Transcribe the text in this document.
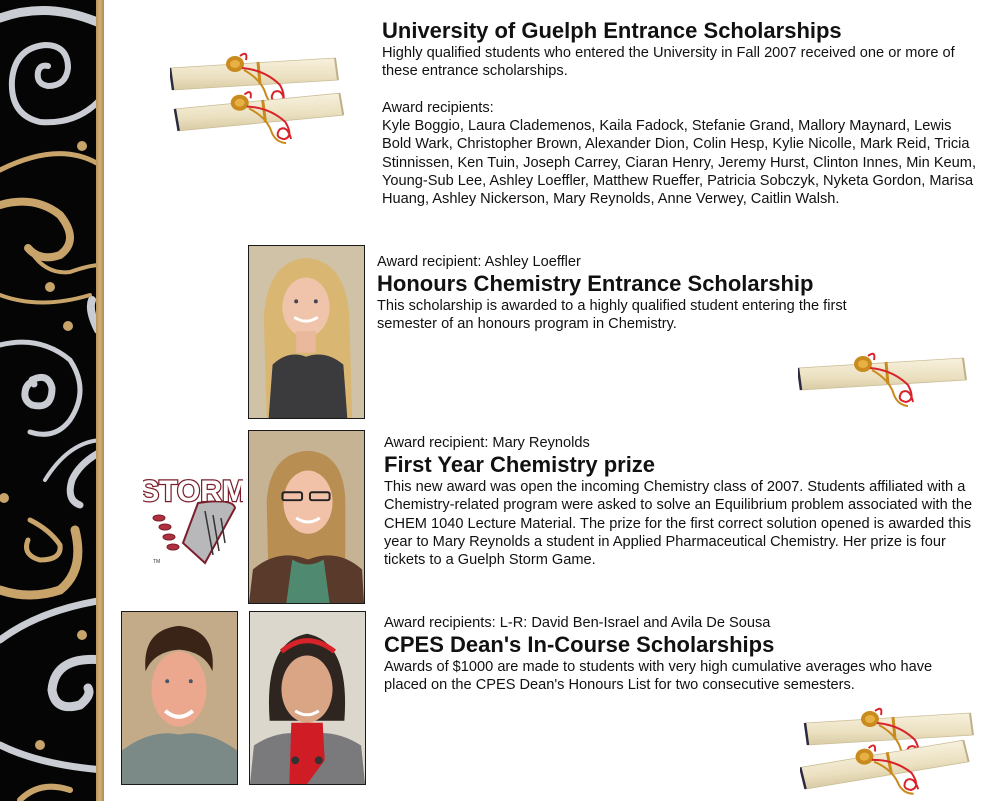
University of Guelph Entrance Scholarships

Highly qualified students who entered the University in Fall 2007 received one or more of these entrance scholarships.

Award recipients:

Kyle Boggio, Laura Clademenos, Kaila Fadock, Stefanie Grand, Mallory Maynard, Lewis Bold Wark, Christopher Brown, Alexander Dion, Colin Hesp, Kylie Nicolle, Mark Reid, Tricia Stinnissen, Ken Tuin, Joseph Carrey, Ciaran Henry, Jeremy Hurst, Clinton Innes, Min Keum, Young-Sub Lee, Ashley Loeffler, Matthew Rueffer, Patricia Sobczyk, Nyketa Gordon, Marisa Huang, Ashley Nickerson, Mary Reynolds, Anne Verwey, Caitlin Walsh.

Award recipient: Ashley Loeffler

Honours Chemistry Entrance Scholarship

This scholarship is awarded to a highly qualified student entering the first semester of an honours program in Chemistry.

STORM
TM

Award recipient: Mary Reynolds

First Year Chemistry prize

This new award was open the incoming Chemistry class of 2007. Students affiliated with a Chemistry-related program were asked to solve an Equilibrium problem associated with the CHEM 1040 Lecture Material. The prize for the first correct solution opened is awarded this year to Mary Reynolds a student in Applied Pharmaceutical Chemistry. Her prize is four tickets to a Guelph Storm Game.

Award recipients: L-R: David Ben-Israel and Avila De Sousa

CPES Dean's In-Course Scholarships

Awards of $1000 are made to students with very high cumulative averages who have placed on the CPES Dean's Honours List for two consecutive semesters.
